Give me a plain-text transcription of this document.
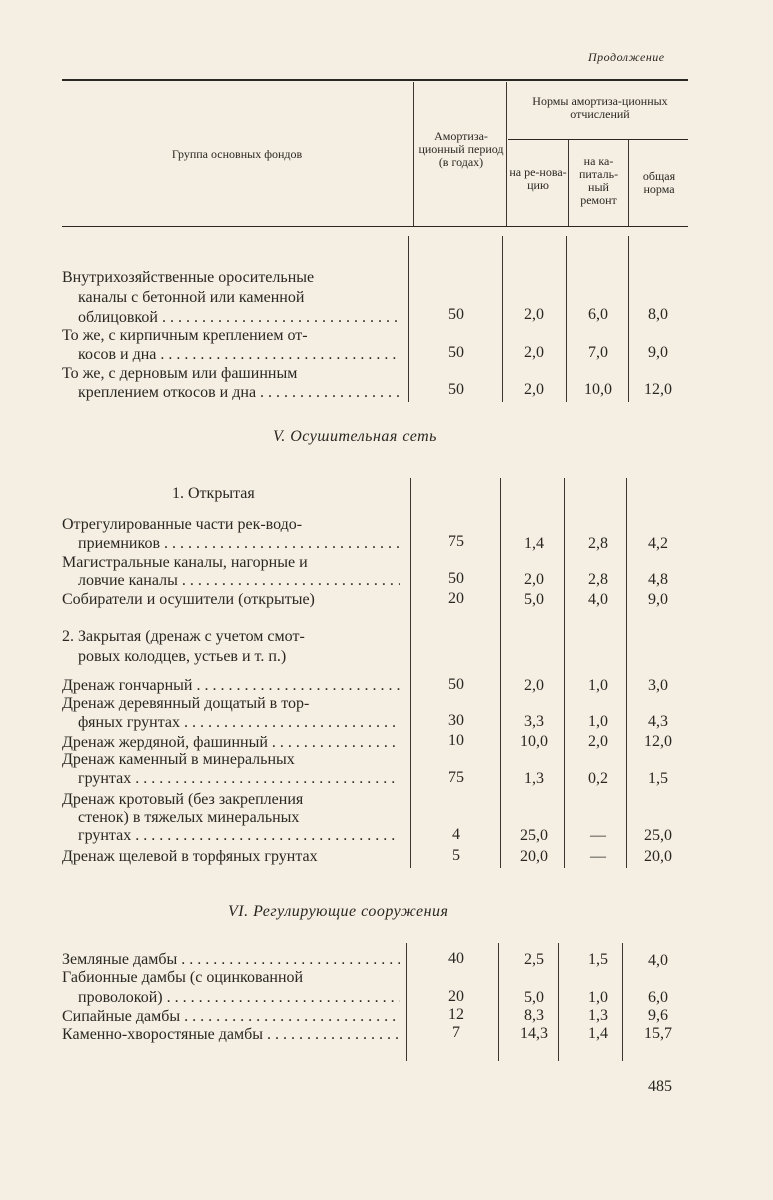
Продолжение
Группа основных фондов
Амортиза-ционный период (в годах)
Нормы амортиза-ционных отчислений
на ре-нова-цию
на ка-питаль-ный ремонт
общая норма
Внутрихозяйственные оросительные
каналы с бетонной или каменной
облицовкой . . .	50	2,0	6,0	8,0
То же, с кирпичным креплением от-
косов и дна . . .	50	2,0	7,0	9,0
То же, с дерновым или фашинным
креплением откосов и дна . . .	50	2,0	10,0	12,0
V. Осушительная сеть
1. Открытая
Отрегулированные части рек-водо-
приемников . . .	75	1,4	2,8	4,2
Магистральные каналы, нагорные и
ловчие каналы . . .	50	2,0	2,8	4,8
Собиратели и осушители (открытые)	20	5,0	4,0	9,0
2. Закрытая (дренаж с учетом смот-
ровых колодцев, устьев и т. п.)
Дренаж гончарный . . .	50	2,0	1,0	3,0
Дренаж деревянный дощатый в тор-
фяных грунтах . . .	30	3,3	1,0	4,3
Дренаж жердяной, фашинный . . .	10	10,0	2,0	12,0
Дренаж каменный в минеральных
грунтах . . .	75	1,3	0,2	1,5
Дренаж кротовый (без закрепления
стенок) в тяжелых минеральных
грунтах . . .	4	25,0	—	25,0
Дренаж щелевой в торфяных грунтах	5	20,0	—	20,0
VI. Регулирующие сооружения
Земляные дамбы . . .	40	2,5	1,5	4,0
Габионные дамбы (с оцинкованной
проволокой) . . .	20	5,0	1,0	6,0
Сипайные дамбы . . .	12	8,3	1,3	9,6
Каменно-хворостяные дамбы . . .	7	14,3	1,4	15,7
485
